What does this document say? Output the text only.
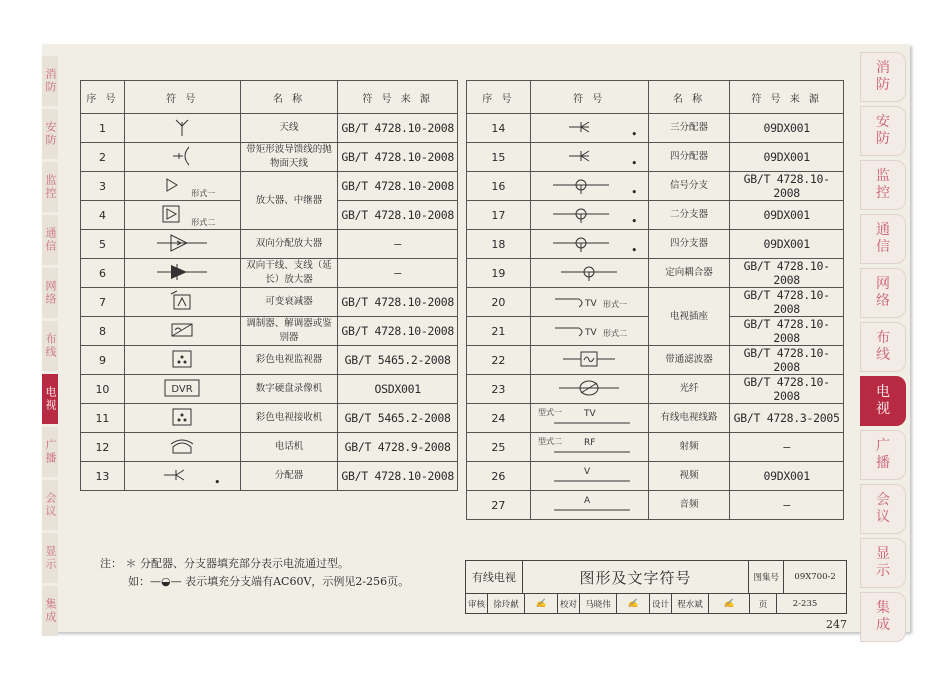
消防
安防
监控
通信
网络
布线
电视
广播
会议
显示
集成
消
防
安
防
监
控
通
信
网
络
布
线
电
视
广
播
会
议
显
示
集
成
序 号	符 号	名 称	符 号 来 源
1		天线	GB/T 4728.10-2008
2		带矩形波导馈线的抛物面天线	GB/T 4728.10-2008
3	形式一	放大器、中继器	GB/T 4728.10-2008
4	形式二		GB/T 4728.10-2008
5		双向分配放大器	–
6		双向干线、支线（延长）放大器	–
7		可变衰减器	GB/T 4728.10-2008
8		调制器、解调器或鉴别器	GB/T 4728.10-2008
9		彩色电视监视器	GB/T 5465.2-2008
10	DVR	数字硬盘录像机	OSDX001
11		彩色电视接收机	GB/T 5465.2-2008
12		电话机	GB/T 4728.9-2008
13	•	分配器	GB/T 4728.10-2008
序 号	符 号	名 称	符 号 来 源
14	•	三分配器	09DX001
15	•	四分配器	09DX001
16	•	信号分支	GB/T 4728.10-2008
17	•	二分支器	09DX001
18	•	四分支器	09DX001
19		定向耦合器	GB/T 4728.10-2008
20	TV 形式一	电视插座	GB/T 4728.10-2008
21	TV 形式二		GB/T 4728.10-2008
22		带通滤波器	GB/T 4728.10-2008
23		光纤	GB/T 4728.10-2008
24	型式一 TV	有线电视线路	GB/T 4728.3-2005
25	型式二 RF	射频	–
26	V	视频	09DX001
27	A	音频	–
注： ＊ 分配器、分支器填充部分表示电流通过型。
如：—◒— 表示填充分支端有AC60V，示例见2-256页。	有线电视	图形及文字符号	图集号	09X700-2
审核 徐玲献	✍	校对 马晓伟	✍	设计 程水斌	✍	页	2-235
247
